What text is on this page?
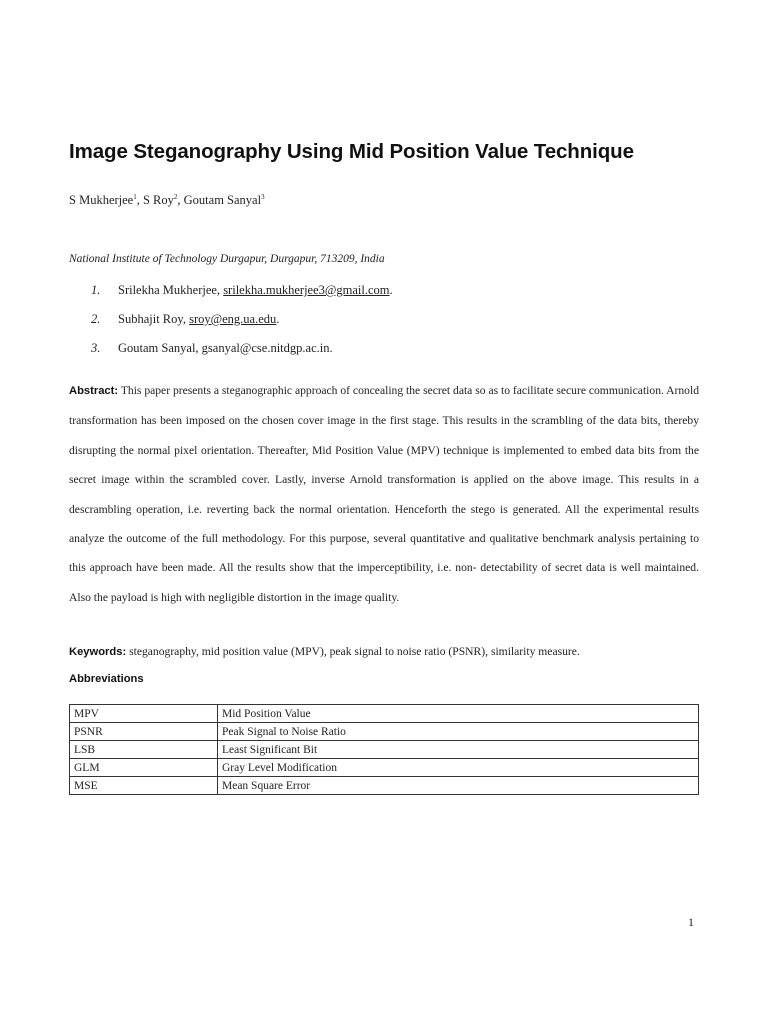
Image Steganography Using Mid Position Value Technique
S Mukherjee$^1$, S Roy$^2$, Goutam Sanyal$^3$
National Institute of Technology Durgapur, Durgapur, 713209, India
1. Srilekha Mukherjee, srilekha.mukherjee3@gmail.com.
2. Subhajit Roy, sroy@eng.ua.edu.
3. Goutam Sanyal, gsanyal@cse.nitdgp.ac.in.

Abstract: This paper presents a steganographic approach of concealing the secret data so as to facilitate secure communication. Arnold transformation has been imposed on the chosen cover image in the first stage. This results in the scrambling of the data bits, thereby disrupting the normal pixel orientation. Thereafter, Mid Position Value (MPV) technique is implemented to embed data bits from the secret image within the scrambled cover. Lastly, inverse Arnold transformation is applied on the above image. This results in a descrambling operation, i.e. reverting back the normal orientation. Henceforth the stego is generated. All the experimental results analyze the outcome of the full methodology. For this purpose, several quantitative and qualitative benchmark analysis pertaining to this approach have been made. All the results show that the imperceptibility, i.e. non- detectability of secret data is well maintained. Also the payload is high with negligible distortion in the image quality.

Keywords: steganography, mid position value (MPV), peak signal to noise ratio (PSNR), similarity measure.

Abbreviations
MPV	Mid Position Value
PSNR	Peak Signal to Noise Ratio
LSB	Least Significant Bit
GLM	Gray Level Modification
MSE	Mean Square Error
1
